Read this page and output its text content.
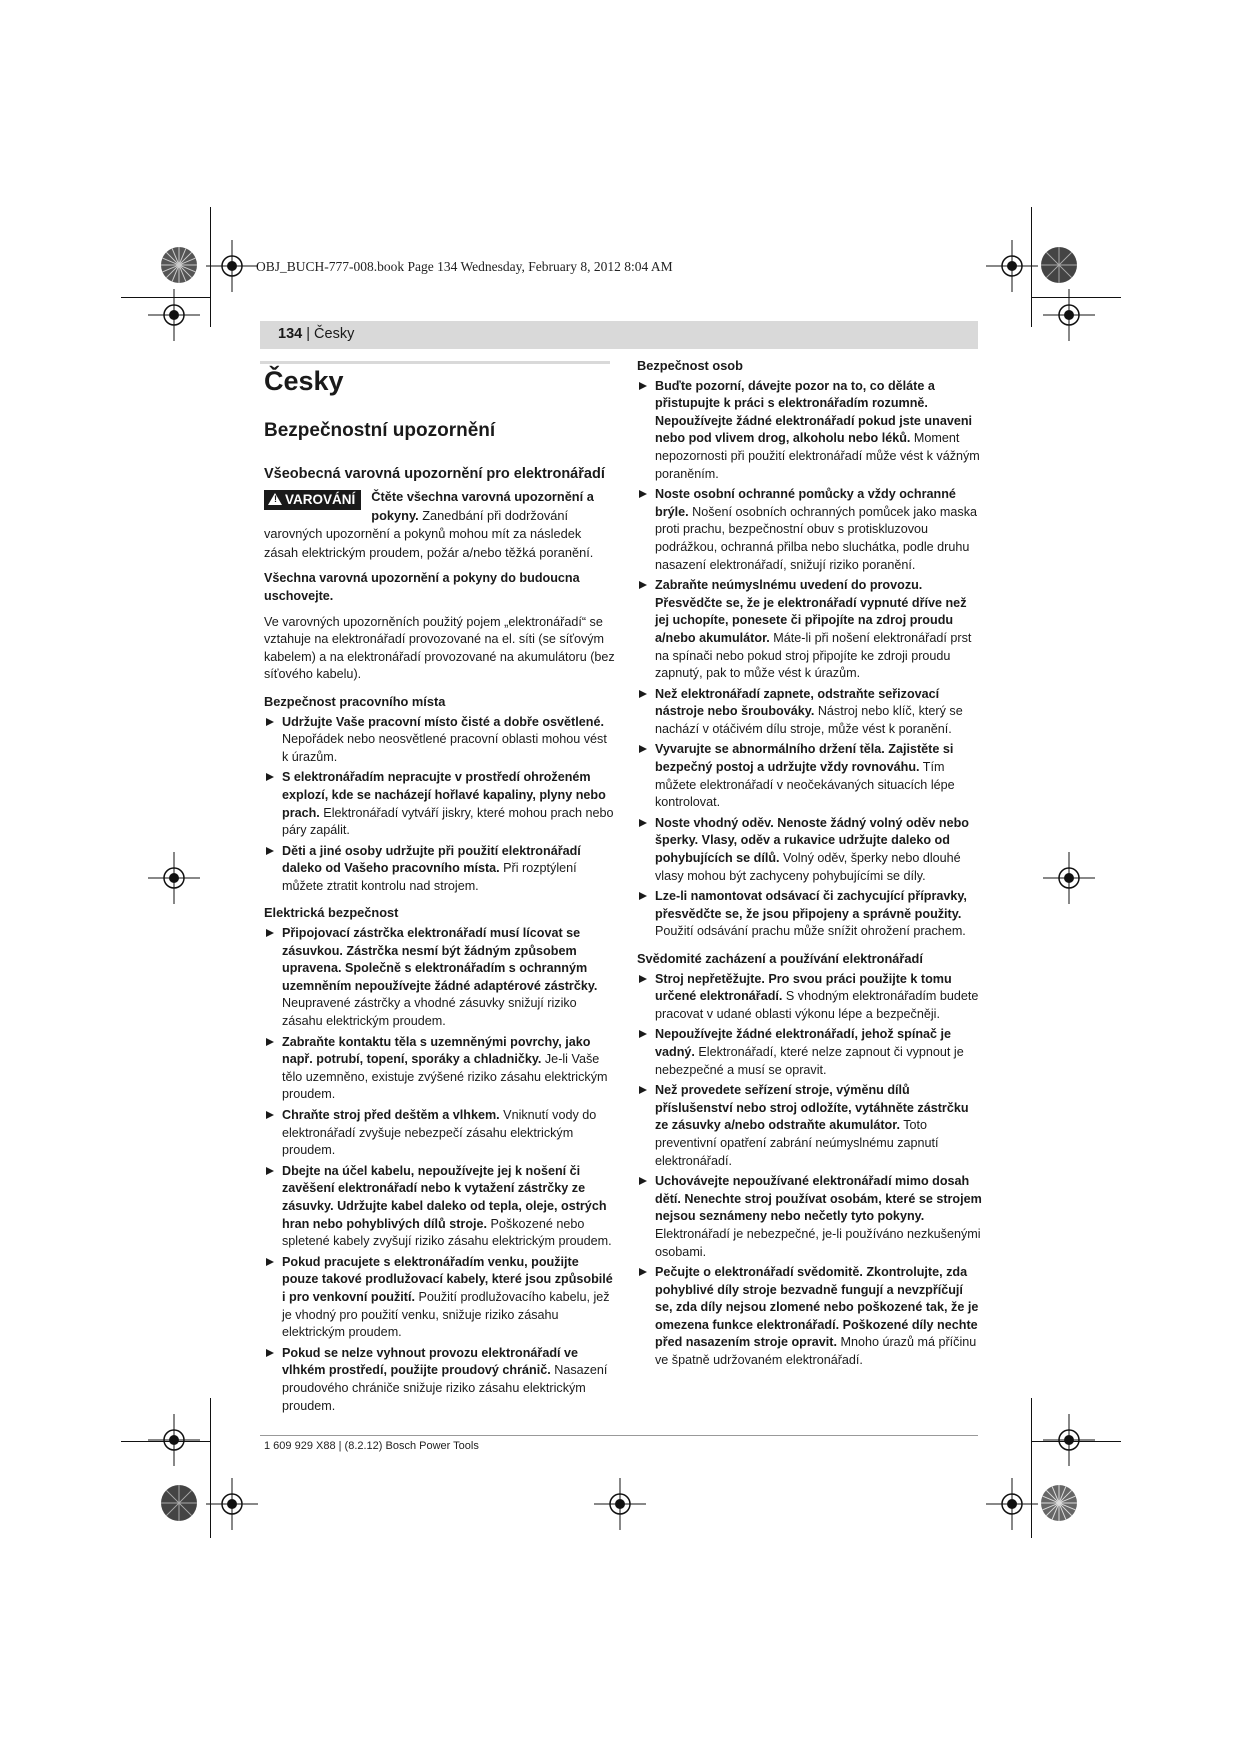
OBJ_BUCH-777-008.book Page 134 Wednesday, February 8, 2012 8:04 AM
134 | Česky
Česky
Bezpečnostní upozornění
Všeobecná varovná upozornění pro elektronářadí
! VAROVÁNÍ	Čtěte všechna varovná upozornění a pokyny. Zanedbání při dodržování varovných upozornění a pokynů mohou mít za následek zásah elektrickým proudem, požár a/nebo těžká poranění.

Všechna varovná upozornění a pokyny do budoucna uschovejte.

Ve varovných upozorněních použitý pojem „elektronářadí“ se vztahuje na elektronářadí provozované na el. síti (se síťovým kabelem) a na elektronářadí provozované na akumulátoru (bez síťového kabelu).

Bezpečnost pracovního místa
Udržujte Vaše pracovní místo čisté a dobře osvětlené. Nepořádek nebo neosvětlené pracovní oblasti mohou vést k úrazům.
S elektronářadím nepracujte v prostředí ohroženém explozí, kde se nacházejí hořlavé kapaliny, plyny nebo prach. Elektronářadí vytváří jiskry, které mohou prach nebo páry zapálit.
Děti a jiné osoby udržujte při použití elektronářadí daleko od Vašeho pracovního místa. Při rozptýlení můžete ztratit kontrolu nad strojem.
Elektrická bezpečnost
Připojovací zástrčka elektronářadí musí lícovat se zásuvkou. Zástrčka nesmí být žádným způsobem upravena. Společně s elektronářadím s ochranným uzemněním nepoužívejte žádné adaptérové zástrčky. Neupravené zástrčky a vhodné zásuvky snižují riziko zásahu elektrickým proudem.
Zabraňte kontaktu těla s uzemněnými povrchy, jako např. potrubí, topení, sporáky a chladničky. Je-li Vaše tělo uzemněno, existuje zvýšené riziko zásahu elektrickým proudem.
Chraňte stroj před deštěm a vlhkem. Vniknutí vody do elektronářadí zvyšuje nebezpečí zásahu elektrickým proudem.
Dbejte na účel kabelu, nepoužívejte jej k nošení či zavěšení elektronářadí nebo k vytažení zástrčky ze zásuvky. Udržujte kabel daleko od tepla, oleje, ostrých hran nebo pohyblivých dílů stroje. Poškozené nebo spletené kabely zvyšují riziko zásahu elektrickým proudem.
Pokud pracujete s elektronářadím venku, použijte pouze takové prodlužovací kabely, které jsou způsobilé i pro venkovní použití. Použití prodlužovacího kabelu, jež je vhodný pro použití venku, snižuje riziko zásahu elektrickým proudem.
Pokud se nelze vyhnout provozu elektronářadí ve vlhkém prostředí, použijte proudový chránič. Nasazení proudového chrániče snižuje riziko zásahu elektrickým proudem.
Bezpečnost osob
Buďte pozorní, dávejte pozor na to, co děláte a přistupujte k práci s elektronářadím rozumně. Nepoužívejte žádné elektronářadí pokud jste unaveni nebo pod vlivem drog, alkoholu nebo léků. Moment nepozornosti při použití elektronářadí může vést k vážným poraněním.
Noste osobní ochranné pomůcky a vždy ochranné brýle. Nošení osobních ochranných pomůcek jako maska proti prachu, bezpečnostní obuv s protiskluzovou podrážkou, ochranná přilba nebo sluchátka, podle druhu nasazení elektronářadí, snižují riziko poranění.
Zabraňte neúmyslnému uvedení do provozu. Přesvědčte se, že je elektronářadí vypnuté dříve než jej uchopíte, ponesete či připojíte na zdroj proudu a/nebo akumulátor. Máte-li při nošení elektronářadí prst na spínači nebo pokud stroj připojíte ke zdroji proudu zapnutý, pak to může vést k úrazům.
Než elektronářadí zapnete, odstraňte seřizovací nástroje nebo šroubováky. Nástroj nebo klíč, který se nachází v otáčivém dílu stroje, může vést k poranění.
Vyvarujte se abnormálního držení těla. Zajistěte si bezpečný postoj a udržujte vždy rovnováhu. Tím můžete elektronářadí v neočekávaných situacích lépe kontrolovat.
Noste vhodný oděv. Nenoste žádný volný oděv nebo šperky. Vlasy, oděv a rukavice udržujte daleko od pohybujících se dílů. Volný oděv, šperky nebo dlouhé vlasy mohou být zachyceny pohybujícími se díly.
Lze-li namontovat odsávací či zachycující přípravky, přesvědčte se, že jsou připojeny a správně použity. Použití odsávání prachu může snížit ohrožení prachem.
Svědomité zacházení a používání elektronářadí
Stroj nepřetěžujte. Pro svou práci použijte k tomu určené elektronářadí. S vhodným elektronářadím budete pracovat v udané oblasti výkonu lépe a bezpečněji.
Nepoužívejte žádné elektronářadí, jehož spínač je vadný. Elektronářadí, které nelze zapnout či vypnout je nebezpečné a musí se opravit.
Než provedete seřízení stroje, výměnu dílů příslušenství nebo stroj odložíte, vytáhněte zástrčku ze zásuvky a/nebo odstraňte akumulátor. Toto preventivní opatření zabrání neúmyslnému zapnutí elektronářadí.
Uchovávejte nepoužívané elektronářadí mimo dosah dětí. Nenechte stroj používat osobám, které se strojem nejsou seznámeny nebo nečetly tyto pokyny. Elektronářadí je nebezpečné, je-li používáno nezkušenými osobami.
Pečujte o elektronářadí svědomitě. Zkontrolujte, zda pohyblivé díly stroje bezvadně fungují a nevzpříčují se, zda díly nejsou zlomené nebo poškozené tak, že je omezena funkce elektronářadí. Poškozené díly nechte před nasazením stroje opravit. Mnoho úrazů má příčinu ve špatně udržovaném elektronářadí.
1 609 929 X88 | (8.2.12) Bosch Power Tools
